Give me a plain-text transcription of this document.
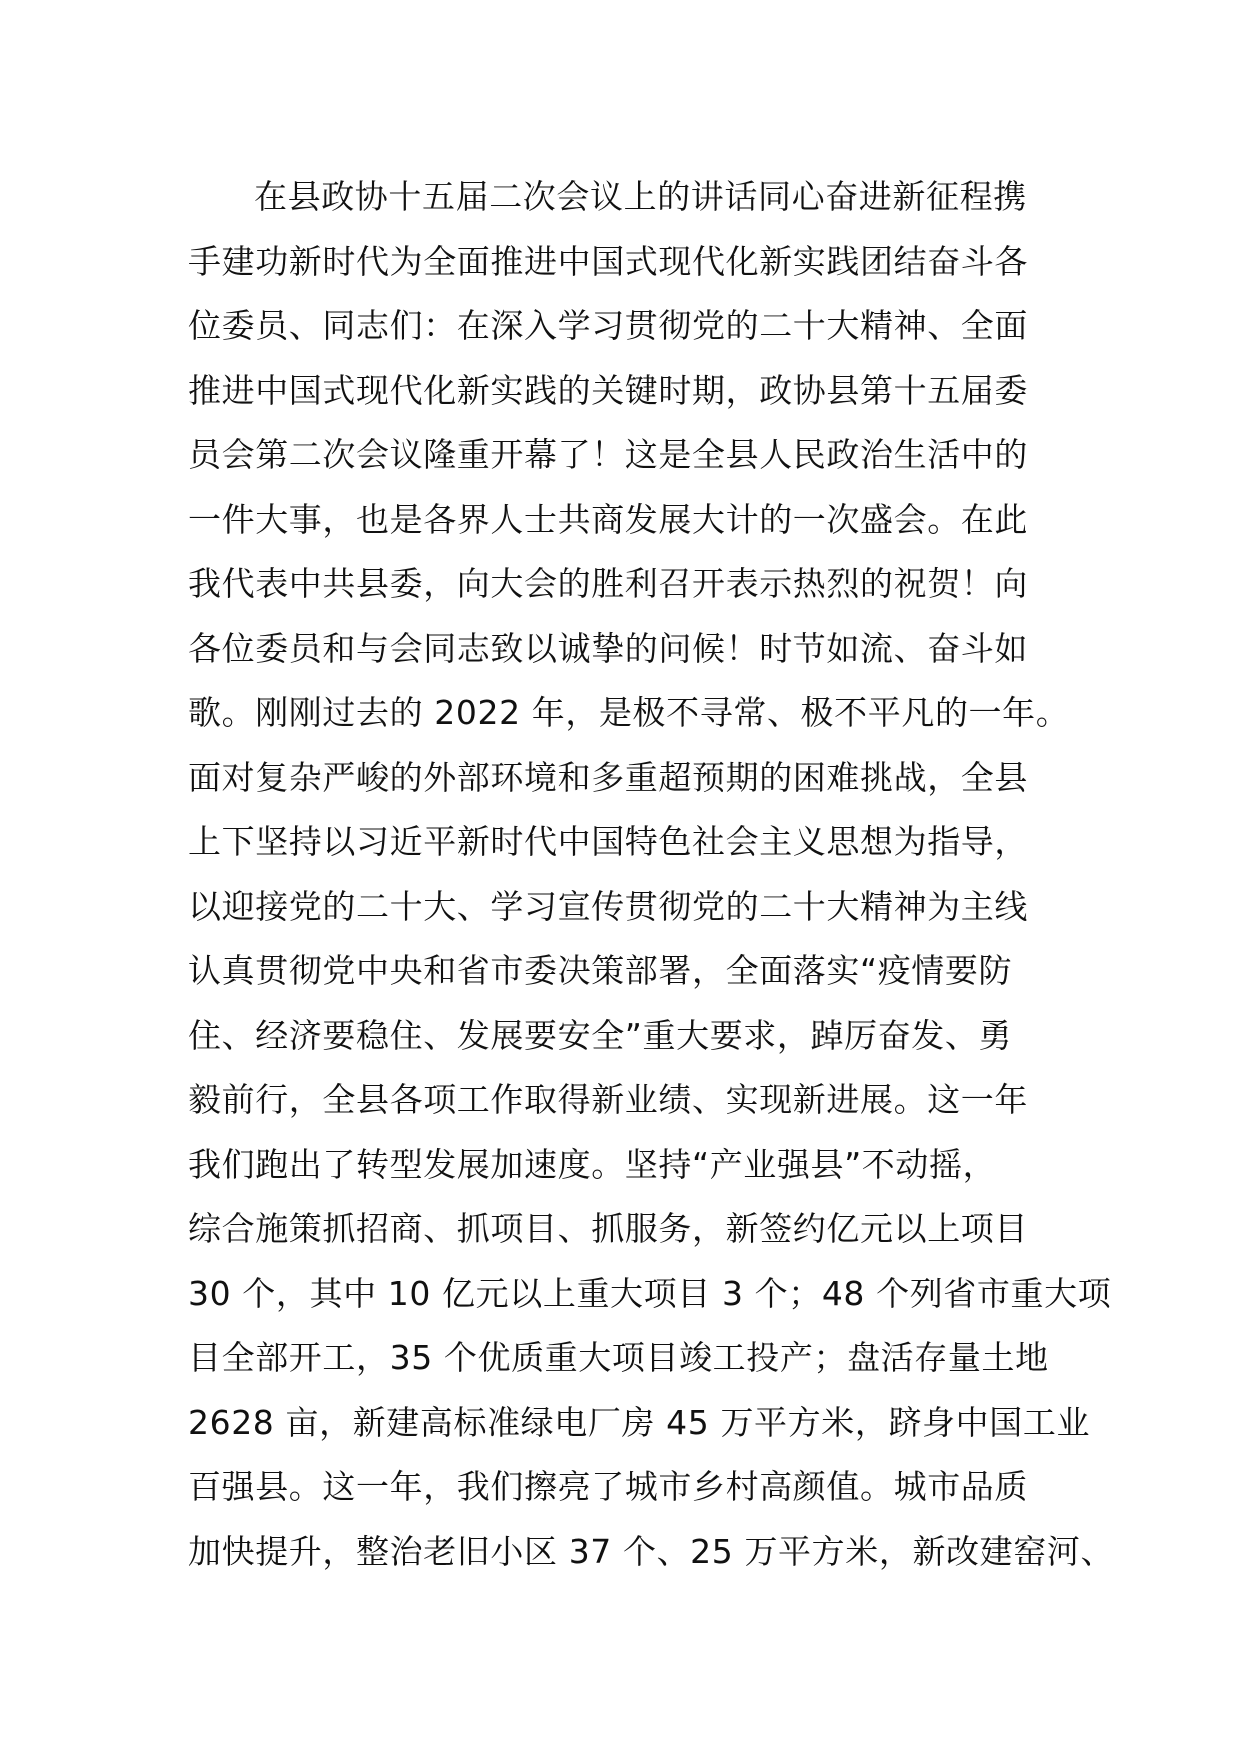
在县政协十五届二次会议上的讲话同心奋进新征程携
手建功新时代为全面推进中国式现代化新实践团结奋斗各
位委员、同志们：在深入学习贯彻党的二十大精神、全面
推进中国式现代化新实践的关键时期，政协县第十五届委
员会第二次会议隆重开幕了！这是全县人民政治生活中的
一件大事，也是各界人士共商发展大计的一次盛会。在此
我代表中共县委，向大会的胜利召开表示热烈的祝贺！向
各位委员和与会同志致以诚挚的问候！时节如流、奋斗如
歌。刚刚过去的 2022 年，是极不寻常、极不平凡的一年。
面对复杂严峻的外部环境和多重超预期的困难挑战，全县
上下坚持以习近平新时代中国特色社会主义思想为指导，
以迎接党的二十大、学习宣传贯彻党的二十大精神为主线
认真贯彻党中央和省市委决策部署，全面落实“疫情要防
住、经济要稳住、发展要安全”重大要求，踔厉奋发、勇
毅前行，全县各项工作取得新业绩、实现新进展。这一年
我们跑出了转型发展加速度。坚持“产业强县”不动摇，
综合施策抓招商、抓项目、抓服务，新签约亿元以上项目
30 个，其中 10 亿元以上重大项目 3 个；48 个列省市重大项
目全部开工，35 个优质重大项目竣工投产；盘活存量土地
2628 亩，新建高标准绿电厂房 45 万平方米，跻身中国工业
百强县。这一年，我们擦亮了城市乡村高颜值。城市品质
加快提升，整治老旧小区 37 个、25 万平方米，新改建窑河、
